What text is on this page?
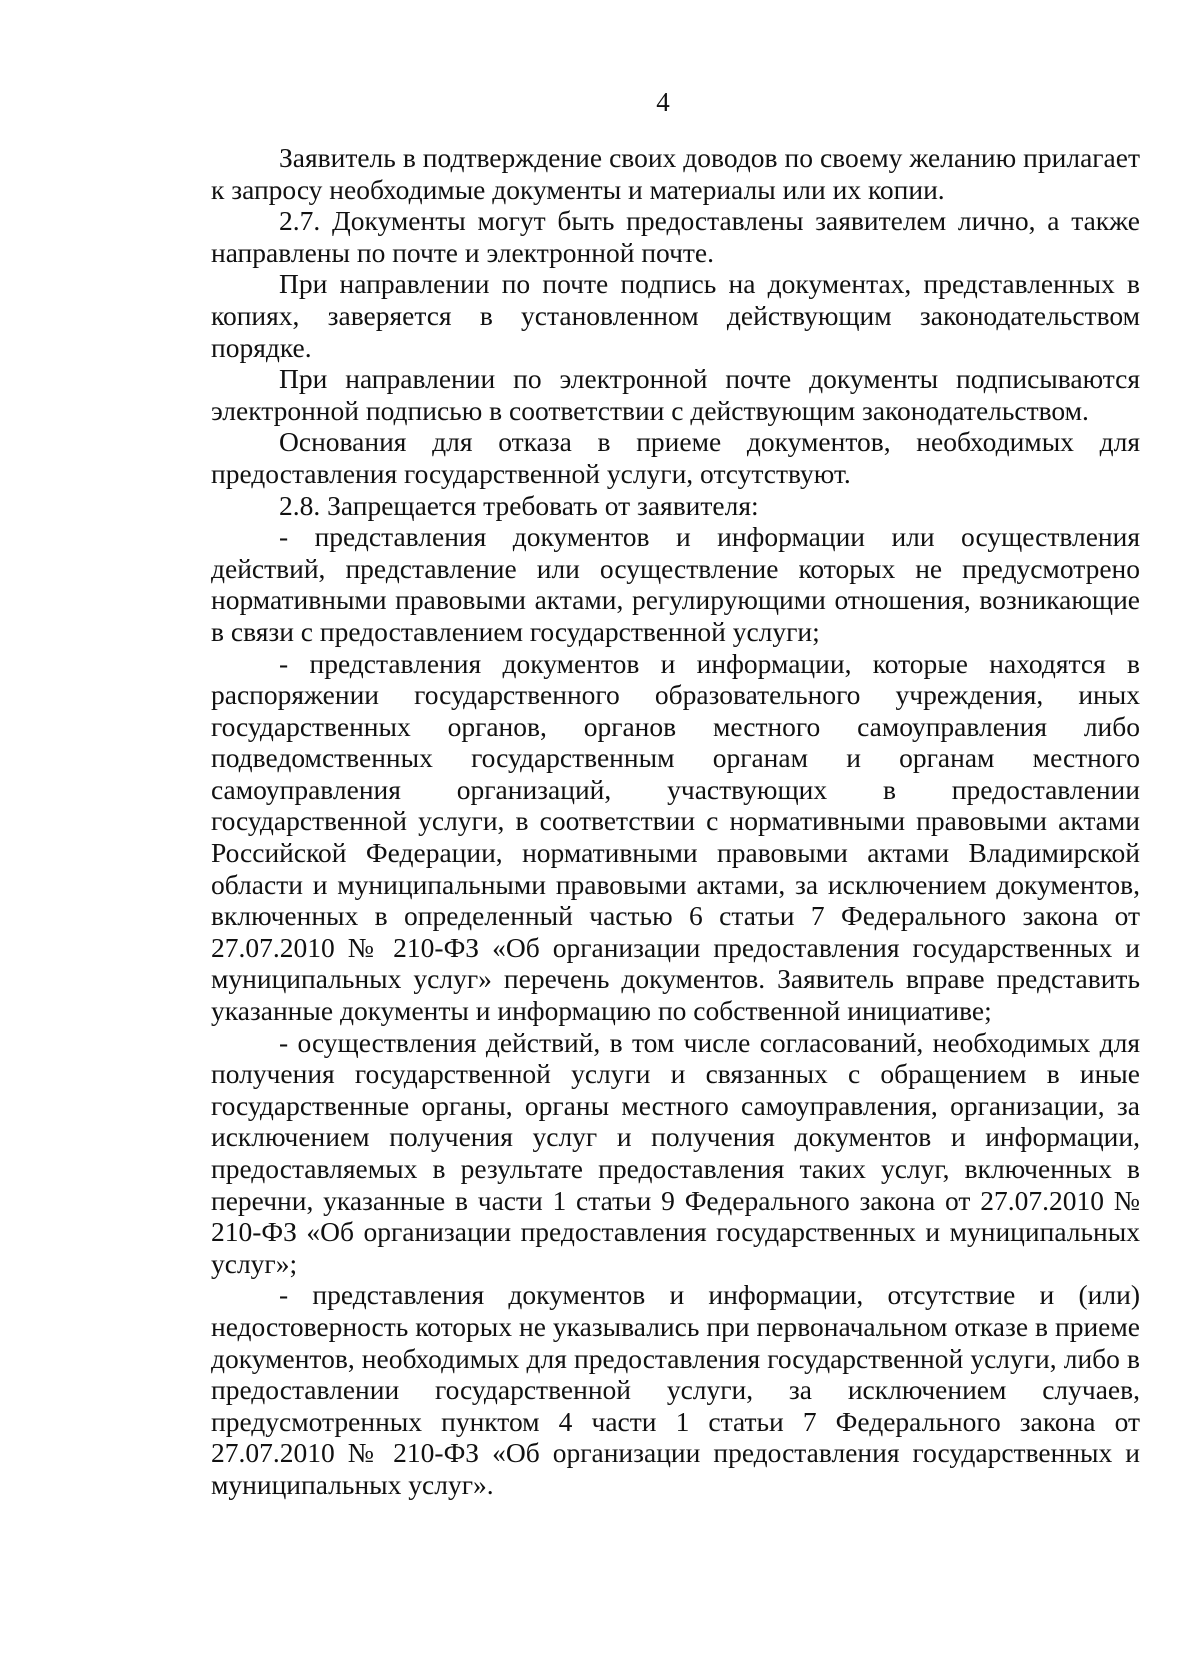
4

Заявитель в подтверждение своих доводов по своему желанию прилагает к запросу необходимые документы и материалы или их копии.

2.7. Документы могут быть предоставлены заявителем лично, а также направлены по почте и электронной почте.

При направлении по почте подпись на документах, представленных в копиях, заверяется в установленном действующим законодательством порядке.

При направлении по электронной почте документы подписываются электронной подписью в соответствии с действующим законодательством.

Основания для отказа в приеме документов, необходимых для предоставления государственной услуги, отсутствуют.

2.8. Запрещается требовать от заявителя:

- представления документов и информации или осуществления действий, представление или осуществление которых не предусмотрено нормативными правовыми актами, регулирующими отношения, возникающие в связи с предоставлением государственной услуги;

- представления документов и информации, которые находятся в распоряжении государственного образовательного учреждения, иных государственных органов, органов местного самоуправления либо подведомственных государственным органам и органам местного самоуправления организаций, участвующих в предоставлении государственной услуги, в соответствии с нормативными правовыми актами Российской Федерации, нормативными правовыми актами Владимирской области и муниципальными правовыми актами, за исключением документов, включенных в определенный частью 6 статьи 7 Федерального закона от 27.07.2010 № 210-ФЗ «Об организации предоставления государственных и муниципальных услуг» перечень документов. Заявитель вправе представить указанные документы и информацию по собственной инициативе;

- осуществления действий, в том числе согласований, необходимых для получения государственной услуги и связанных с обращением в иные государственные органы, органы местного самоуправления, организации, за исключением получения услуг и получения документов и информации, предоставляемых в результате предоставления таких услуг, включенных в перечни, указанные в части 1 статьи 9 Федерального закона от 27.07.2010 № 210-ФЗ «Об организации предоставления государственных и муниципальных услуг»;

- представления документов и информации, отсутствие и (или) недостоверность которых не указывались при первоначальном отказе в приеме документов, необходимых для предоставления государственной услуги, либо в предоставлении государственной услуги, за исключением случаев, предусмотренных пунктом 4 части 1 статьи 7 Федерального закона от 27.07.2010 № 210-ФЗ «Об организации предоставления государственных и муниципальных услуг».
